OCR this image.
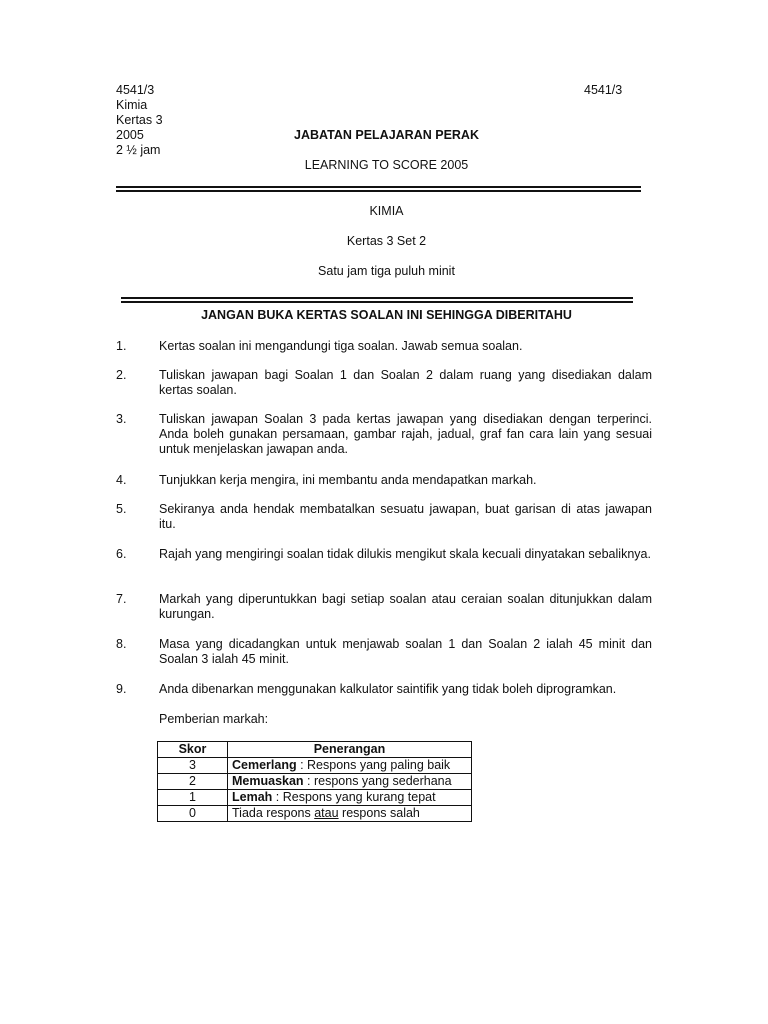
4541/3
Kimia
Kertas 3
2005
2 ½ jam
4541/3
JABATAN PELAJARAN PERAK
LEARNING TO SCORE 2005
KIMIA
Kertas 3 Set 2
Satu jam tiga puluh minit
JANGAN BUKA KERTAS SOALAN INI SEHINGGA DIBERITAHU
1.	Kertas soalan ini mengandungi tiga soalan. Jawab semua soalan.
2.	Tuliskan jawapan bagi Soalan 1 dan Soalan 2 dalam ruang yang disediakan dalam kertas soalan.
3.	Tuliskan jawapan Soalan 3 pada kertas jawapan yang disediakan dengan terperinci. Anda boleh gunakan persamaan, gambar rajah, jadual, graf fan cara lain yang sesuai untuk menjelaskan jawapan anda.
4.	Tunjukkan kerja mengira, ini membantu anda mendapatkan markah.
5.	Sekiranya anda hendak membatalkan sesuatu jawapan, buat garisan di atas jawapan itu.
6.	Rajah yang mengiringi soalan tidak dilukis mengikut skala kecuali dinyatakan sebaliknya.
7.	Markah yang diperuntukkan bagi setiap soalan atau ceraian soalan ditunjukkan dalam kurungan.
8.	Masa yang dicadangkan untuk menjawab soalan 1 dan Soalan 2 ialah 45 minit dan Soalan 3 ialah 45 minit.
9.	Anda dibenarkan menggunakan kalkulator saintifik yang tidak boleh diprogramkan.
Pemberian markah:
Skor	Penerangan
3	Cemerlang : Respons yang paling baik
2	Memuaskan : respons yang sederhana
1	Lemah : Respons yang kurang tepat
0	Tiada respons atau respons salah
